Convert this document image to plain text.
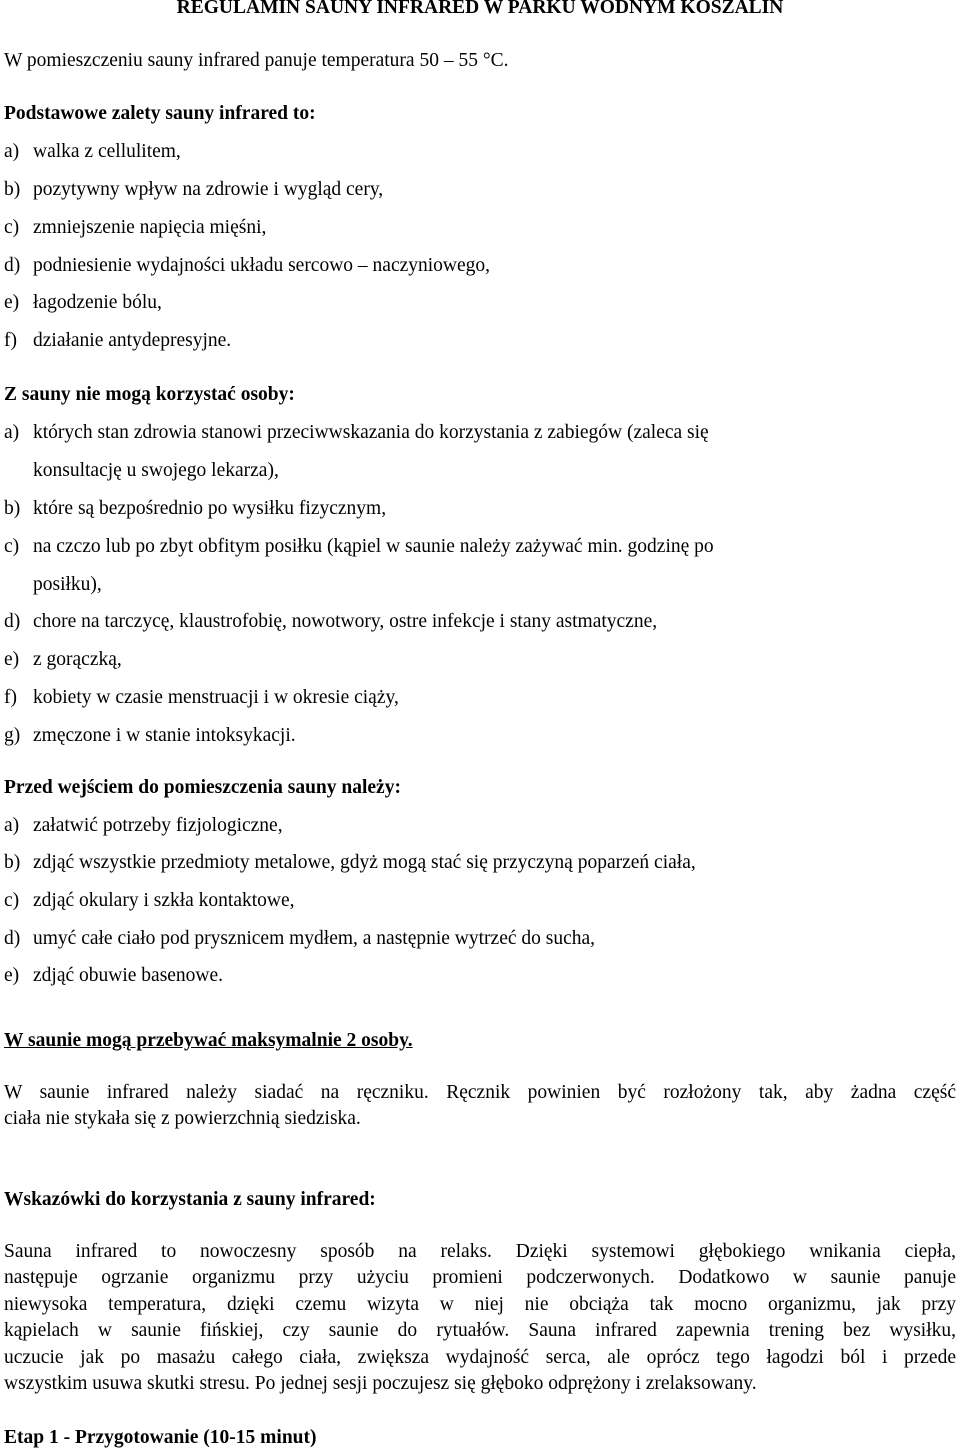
REGULAMIN SAUNY INFRARED W PARKU WODNYM KOSZALIN
W pomieszczeniu sauny infrared panuje temperatura 50 – 55 °C.
Podstawowe zalety sauny infrared to:
a) walka z cellulitem,
b) pozytywny wpływ na zdrowie i wygląd cery,
c) zmniejszenie napięcia mięśni,
d) podniesienie wydajności układu sercowo – naczyniowego,
e) łagodzenie bólu,
f) działanie antydepresyjne.
Z sauny nie mogą korzystać osoby:
a) których stan zdrowia stanowi przeciwwskazania do korzystania z zabiegów (zaleca się
konsultację u swojego lekarza),
b) które są bezpośrednio po wysiłku fizycznym,
c) na czczo lub po zbyt obfitym posiłku (kąpiel w saunie należy zażywać min. godzinę po
posiłku),
d) chore na tarczycę, klaustrofobię, nowotwory, ostre infekcje i stany astmatyczne,
e) z gorączką,
f) kobiety w czasie menstruacji i w okresie ciąży,
g) zmęczone i w stanie intoksykacji.
Przed wejściem do pomieszczenia sauny należy:
a) załatwić potrzeby fizjologiczne,
b) zdjąć wszystkie przedmioty metalowe, gdyż mogą stać się przyczyną poparzeń ciała,
c) zdjąć okulary i szkła kontaktowe,
d) umyć całe ciało pod prysznicem mydłem, a następnie wytrzeć do sucha,
e) zdjąć obuwie basenowe.
W saunie mogą przebywać maksymalnie 2 osoby.
W saunie infrared należy siadać na ręczniku. Ręcznik powinien być rozłożony tak, aby żadna część
ciała nie stykała się z powierzchnią siedziska.
Wskazówki do korzystania z sauny infrared:
Sauna infrared to nowoczesny sposób na relaks. Dzięki systemowi głębokiego wnikania ciepła,
następuje ogrzanie organizmu przy użyciu promieni podczerwonych. Dodatkowo w saunie panuje
niewysoka temperatura, dzięki czemu wizyta w niej nie obciąża tak mocno organizmu, jak przy
kąpielach w saunie fińskiej, czy saunie do rytuałów. Sauna infrared zapewnia trening bez wysiłku,
uczucie jak po masażu całego ciała, zwiększa wydajność serca, ale oprócz tego łagodzi ból i przede
wszystkim usuwa skutki stresu. Po jednej sesji poczujesz się głęboko odprężony i zrelaksowany.
Etap 1 - Przygotowanie (10-15 minut)
